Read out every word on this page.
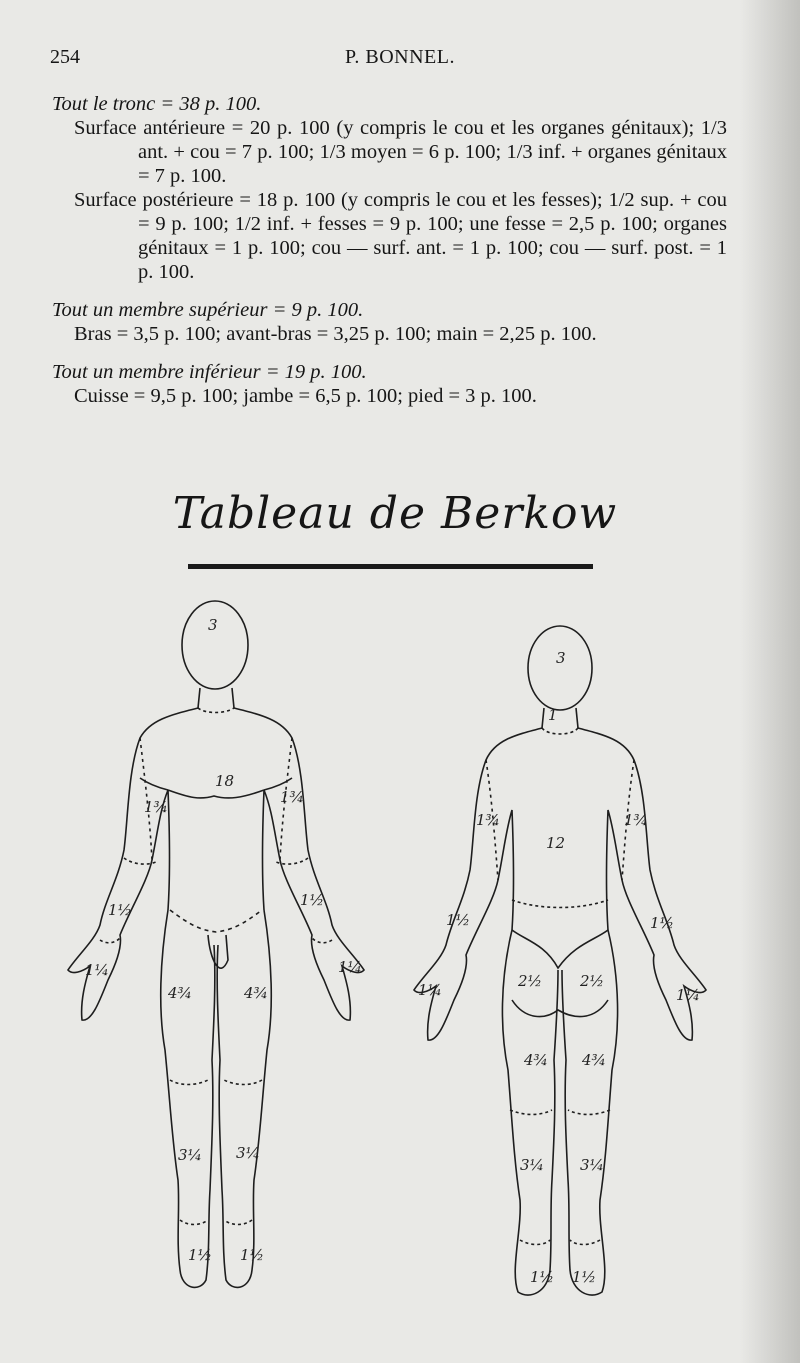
254	P. BONNEL.

Tout le tronc = 38 p. 100.

Surface antérieure = 20 p. 100 (y compris le cou et les organes génitaux); 1/3 ant. + cou = 7 p. 100; 1/3 moyen = 6 p. 100; 1/3 inf. + organes génitaux = 7 p. 100.

Surface postérieure = 18 p. 100 (y compris le cou et les fesses); 1/2 sup. + cou = 9 p. 100; 1/2 inf. + fesses = 9 p. 100; une fesse = 2,5 p. 100; organes génitaux = 1 p. 100; cou — surf. ant. = 1 p. 100; cou — surf. post. = 1 p. 100.

Tout un membre supérieur = 9 p. 100.

Bras = 3,5 p. 100; avant-bras = 3,25 p. 100; main = 2,25 p. 100.

Tout un membre inférieur = 19 p. 100.

Cuisse = 9,5 p. 100; jambe = 6,5 p. 100; pied = 3 p. 100.

Tableau de Berkow
3
18
1¾
1¾
1½
1½
1¼	1¼
4¾	4¾
3¼ 3¼
1½ 1½
12
3
1
1¾	1¾
1½	1½
1¼	1¼
2½	2½
4¾ 4¾
3¼ 3¼
1½ 1½
